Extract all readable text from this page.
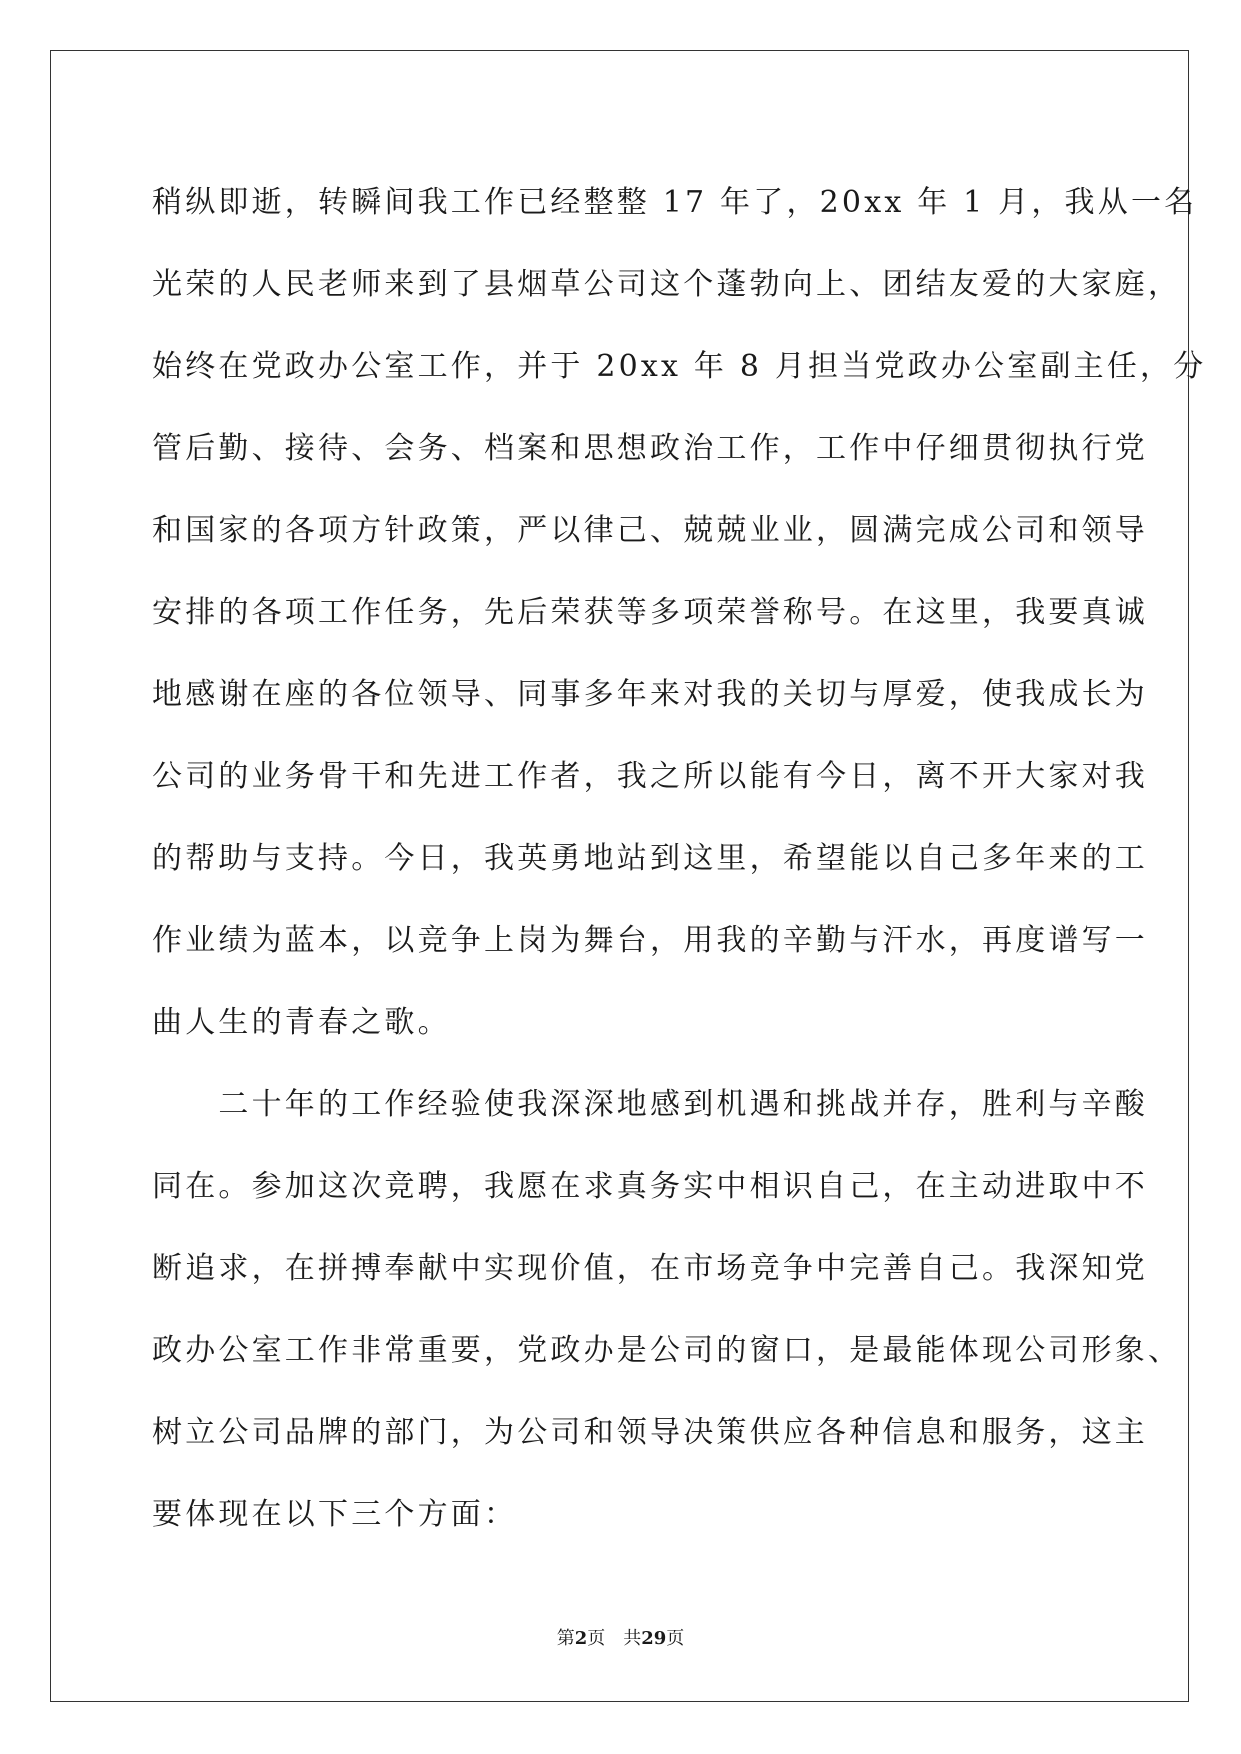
稍纵即逝，转瞬间我工作已经整整 17 年了，20xx 年 1 月，我从一名
光荣的人民老师来到了县烟草公司这个蓬勃向上、团结友爱的大家庭，
始终在党政办公室工作，并于 20xx 年 8 月担当党政办公室副主任，分
管后勤、接待、会务、档案和思想政治工作，工作中仔细贯彻执行党
和国家的各项方针政策，严以律己、兢兢业业，圆满完成公司和领导
安排的各项工作任务，先后荣获等多项荣誉称号。在这里，我要真诚
地感谢在座的各位领导、同事多年来对我的关切与厚爱，使我成长为
公司的业务骨干和先进工作者，我之所以能有今日，离不开大家对我
的帮助与支持。今日，我英勇地站到这里，希望能以自己多年来的工
作业绩为蓝本，以竞争上岗为舞台，用我的辛勤与汗水，再度谱写一
曲人生的青春之歌。
　　二十年的工作经验使我深深地感到机遇和挑战并存，胜利与辛酸
同在。参加这次竞聘，我愿在求真务实中相识自己，在主动进取中不
断追求，在拼搏奉献中实现价值，在市场竞争中完善自己。我深知党
政办公室工作非常重要，党政办是公司的窗口，是最能体现公司形象、
树立公司品牌的部门，为公司和领导决策供应各种信息和服务，这主
要体现在以下三个方面：
第2页　共29页
